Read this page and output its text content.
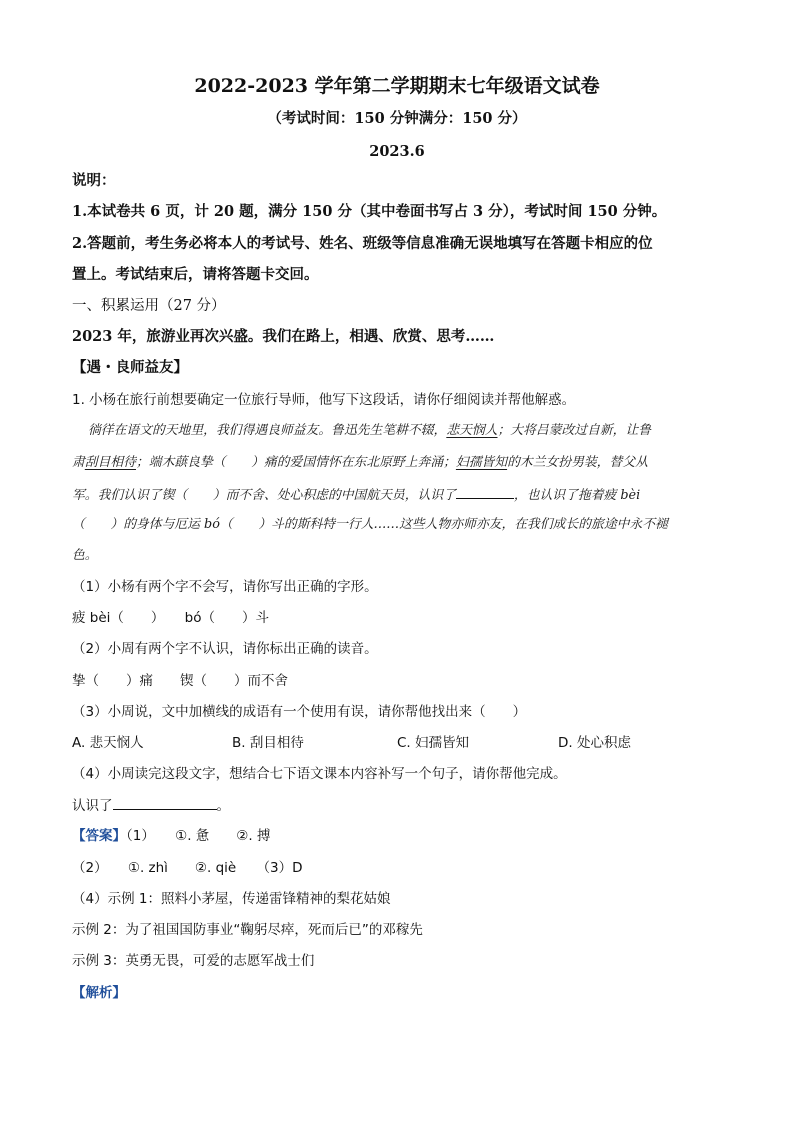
2022-2023 学年第二学期期末七年级语文试卷
（考试时间：150 分钟满分：150 分）
2023.6
说明：
1.本试卷共 6 页，计 20 题，满分 150 分（其中卷面书写占 3 分），考试时间 150 分钟。
2.答题前，考生务必将本人的考试号、姓名、班级等信息准确无误地填写在答题卡相应的位
置上。考试结束后，请将答题卡交回。
一、积累运用（27 分）
2023 年，旅游业再次兴盛。我们在路上，相遇、欣赏、思考……
【遇・良师益友】
1. 小杨在旅行前想要确定一位旅行导师，他写下这段话，请你仔细阅读并帮他解惑。
徜徉在语文的天地里，我们得遇良师益友。鲁迅先生笔耕不辍，悲天悯人；大将吕蒙改过自新，让鲁
肃刮目相待；端木蕻良挚（　　）痛的爱国情怀在东北原野上奔涌；妇孺皆知的木兰女扮男装，替父从
军。我们认识了锲（　　）而不舍、处心积虑的中国航天员，认识了	，也认识了拖着疲 bèi
（　　）的身体与厄运 bó（　　）斗的斯科特一行人……这些人物亦师亦友，在我们成长的旅途中永不褪
色。
（1）小杨有两个字不会写，请你写出正确的字形。
疲 bèi（　　）　　bó（　　）斗
（2）小周有两个字不认识，请你标出正确的读音。
挚（　　）痛　　锲（　　）而不舍
（3）小周说，文中加横线的成语有一个使用有误，请你帮他找出来（　　）
A. 悲天悯人	B. 刮目相待	C. 妇孺皆知	D. 处心积虑
（4）小周读完这段文字，想结合七下语文课本内容补写一个句子，请你帮他完成。
认识了	。
【答案】（1）　　①. 惫　　②. 搏
（2）　　①. zhì　　②. qiè　　（3）D
（4）示例 1：照料小茅屋，传递雷锋精神的梨花姑娘
示例 2：为了祖国国防事业“鞠躬尽瘁，死而后已”的邓稼先
示例 3：英勇无畏，可爱的志愿军战士们
【解析】
